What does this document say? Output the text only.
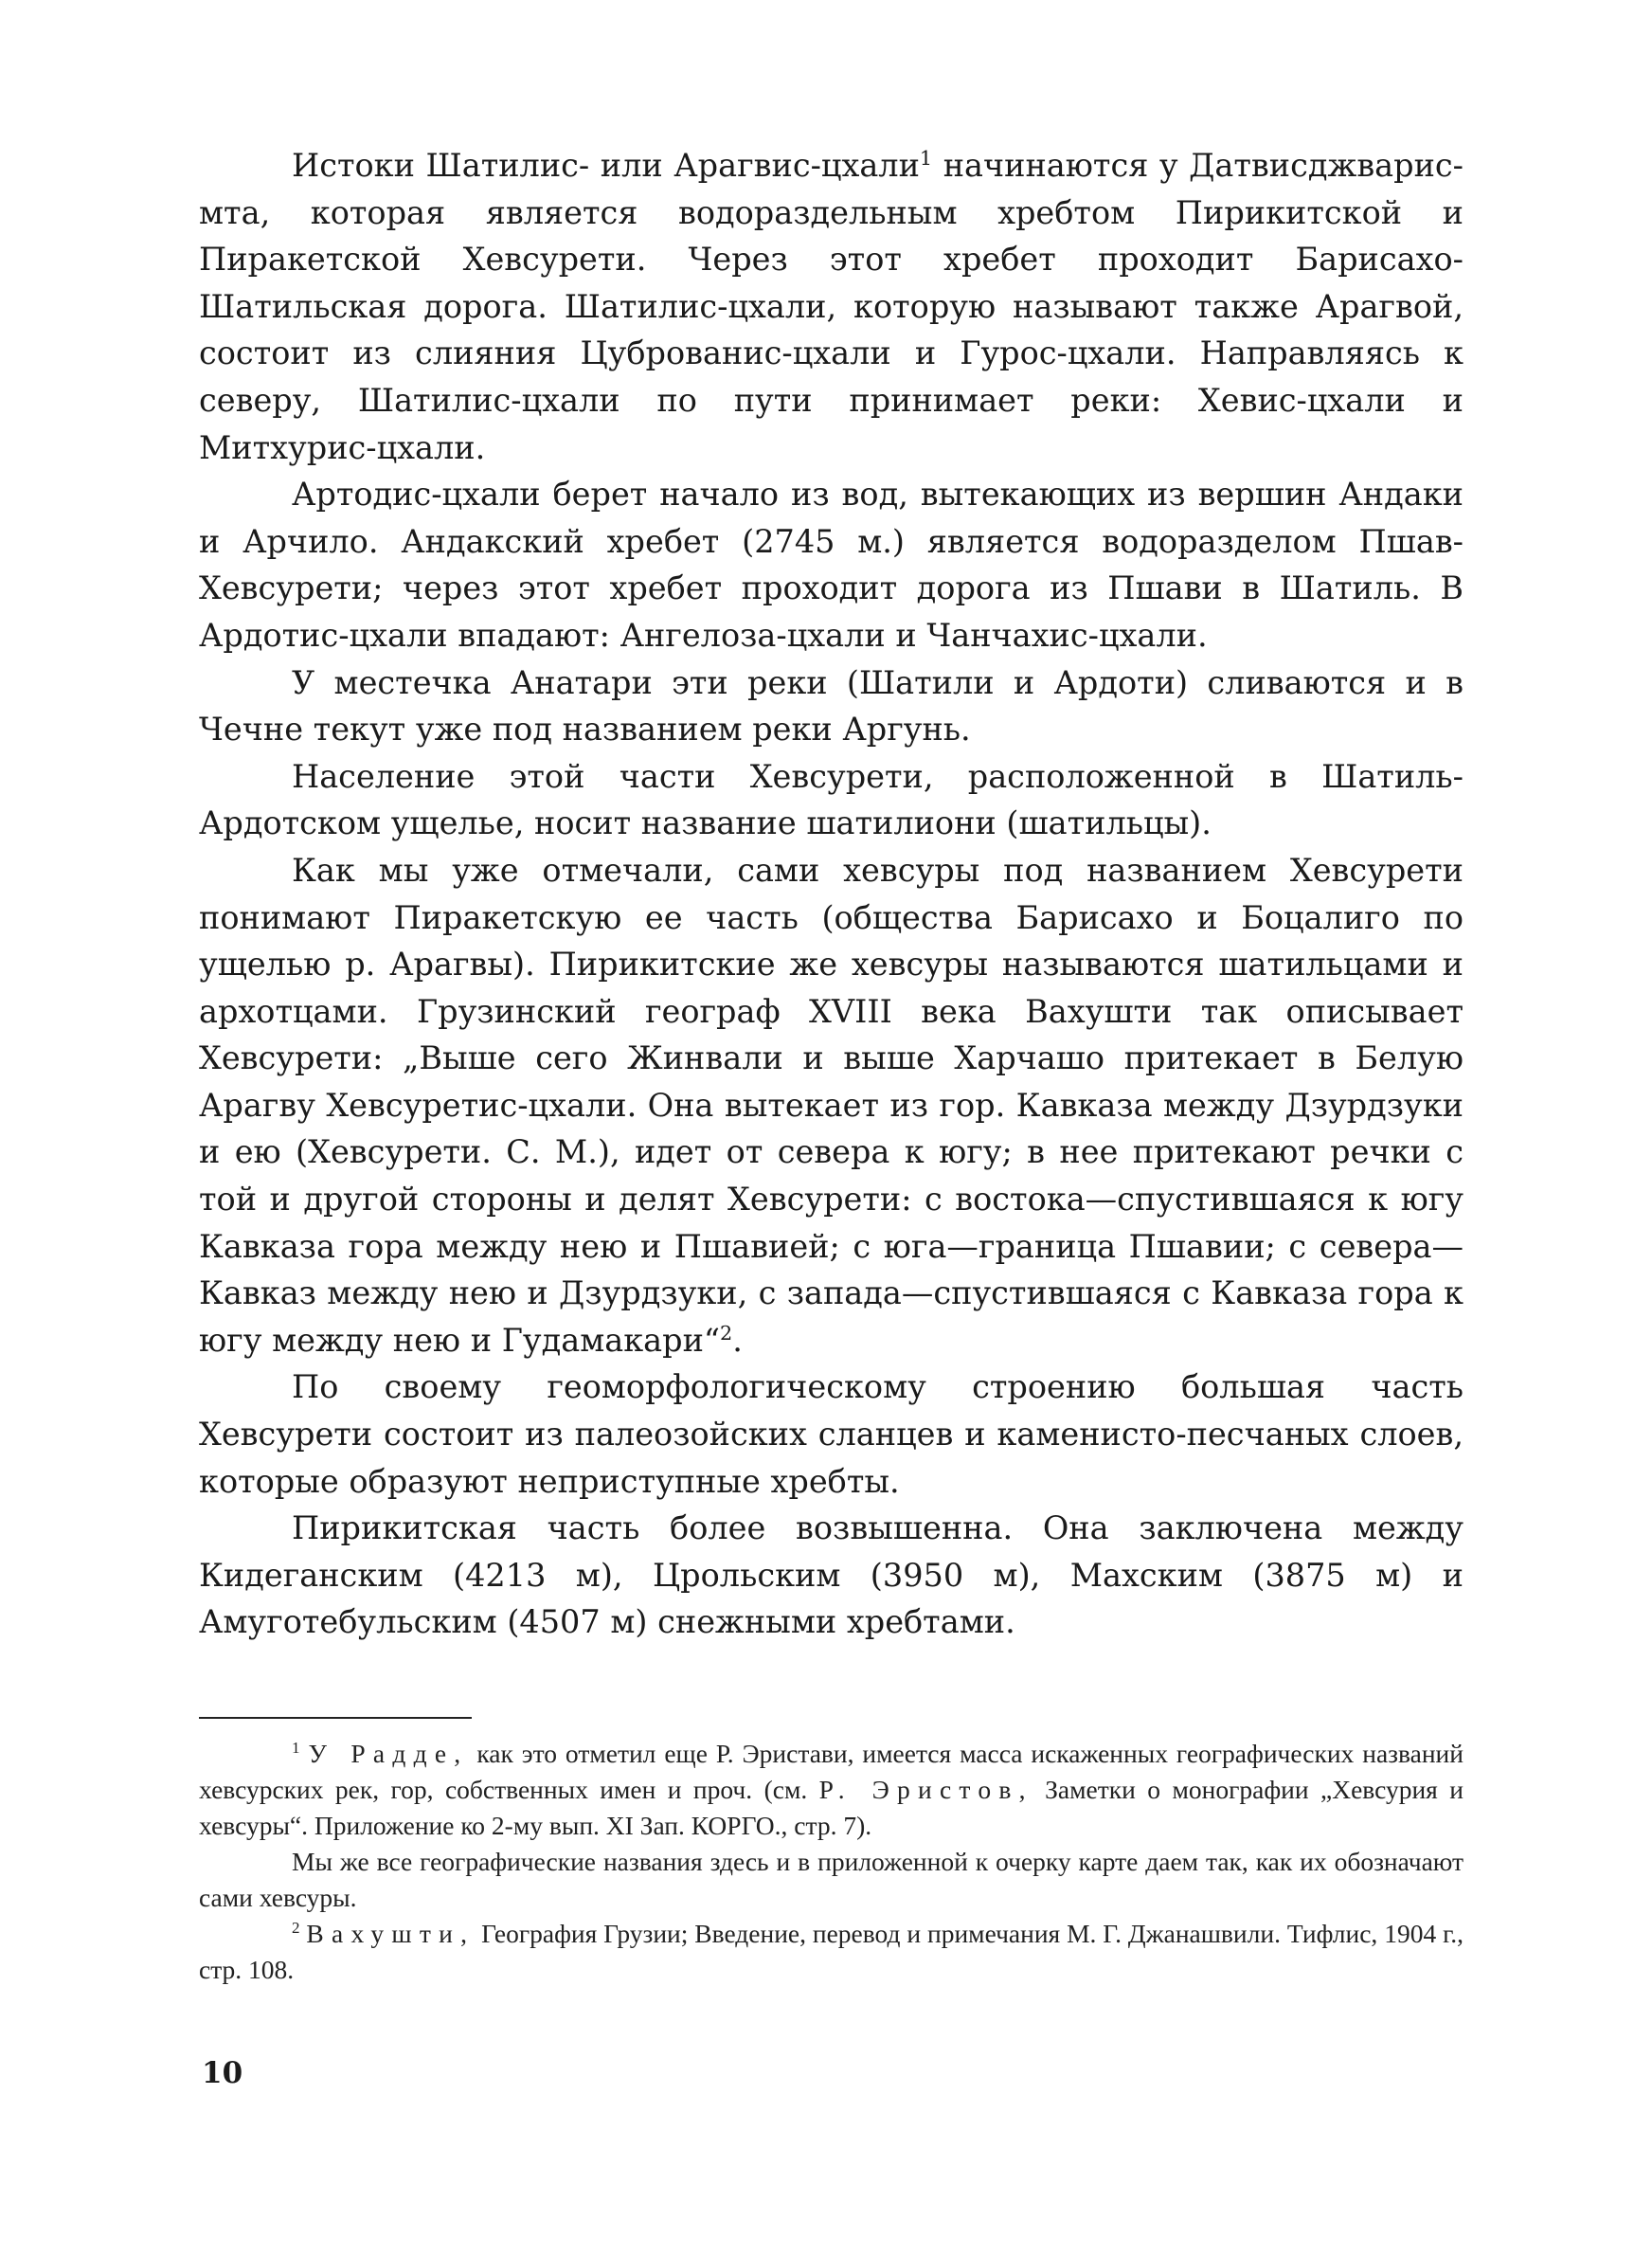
Истоки Шатилис- или Арагвис-цхали$^1$ начинаются у Датвисджварис-мта, которая является водораздельным хребтом Пирикитской и Пиракетской Хевсурети. Через этот хребет проходит Барисахо-Шатильская дорога. Шатилис-цхали, которую называют также Арагвой, состоит из слияния Цуброванис-цхали и Гурос-цхали. Направляясь к северу, Шатилис-цхали по пути принимает реки: Хевис-цхали и Митхурис-цхали.

Артодис-цхали берет начало из вод, вытекающих из вершин Андаки и Арчило. Андакский хребет (2745 м.) является водоразделом Пшав-Хевсурети; через этот хребет проходит дорога из Пшави в Шатиль. В Ардотис-цхали впадают: Ангелоза-цхали и Чанчахис-цхали.

У местечка Анатари эти реки (Шатили и Ардоти) сливаются и в Чечне текут уже под названием реки Аргунь.

Население этой части Хевсурети, расположенной в Шатиль-Ардотском ущелье, носит название шатилиони (шатильцы).

Как мы уже отмечали, сами хевсуры под названием Хевсурети понимают Пиракетскую ее часть (общества Барисахо и Боцалиго по ущелью р. Арагвы). Пирикитские же хевсуры называются шатильцами и архотцами. Грузинский географ XVIII века Вахушти так описывает Хевсурети: „Выше сего Жинвали и выше Харчашо притекает в Белую Арагву Хевсуретис-цхали. Она вытекает из гор. Кавказа между Дзурдзуки и ею (Хевсурети. С. М.), идет от севера к югу; в нее притекают речки с той и другой стороны и делят Хевсурети: с востока—спустившаяся к югу Кавказа гора между нею и Пшавией; с юга—граница Пшавии; с севера—Кавказ между нею и Дзурдзуки, с запада—спустившаяся с Кавказа гора к югу между нею и Гудамакари“$^2$.

По своему геоморфологическому строению большая часть Хевсурети состоит из палеозойских сланцев и каменисто-песчаных слоев, которые образуют неприступные хребты.

Пирикитская часть более возвышенна. Она заключена между Кидеганским (4213 м), Црольским (3950 м), Махским (3875 м) и Амуготебульским (4507 м) снежными хребтами.

$^1$ У Радде, как это отметил еще Р. Эристави, имеется масса искаженных географических названий хевсурских рек, гор, собственных имен и проч. (см. Р. Эристов, Заметки о монографии „Хевсурия и хевсуры“. Приложение ко 2-му вып. XI Зап. КОРГО., стр. 7).

Мы же все географические названия здесь и в приложенной к очерку карте даем так, как их обозначают сами хевсуры.

$^2$ Вахушти, География Грузии; Введение, перевод и примечания М. Г. Джанашвили. Тифлис, 1904 г., стр. 108.

10
